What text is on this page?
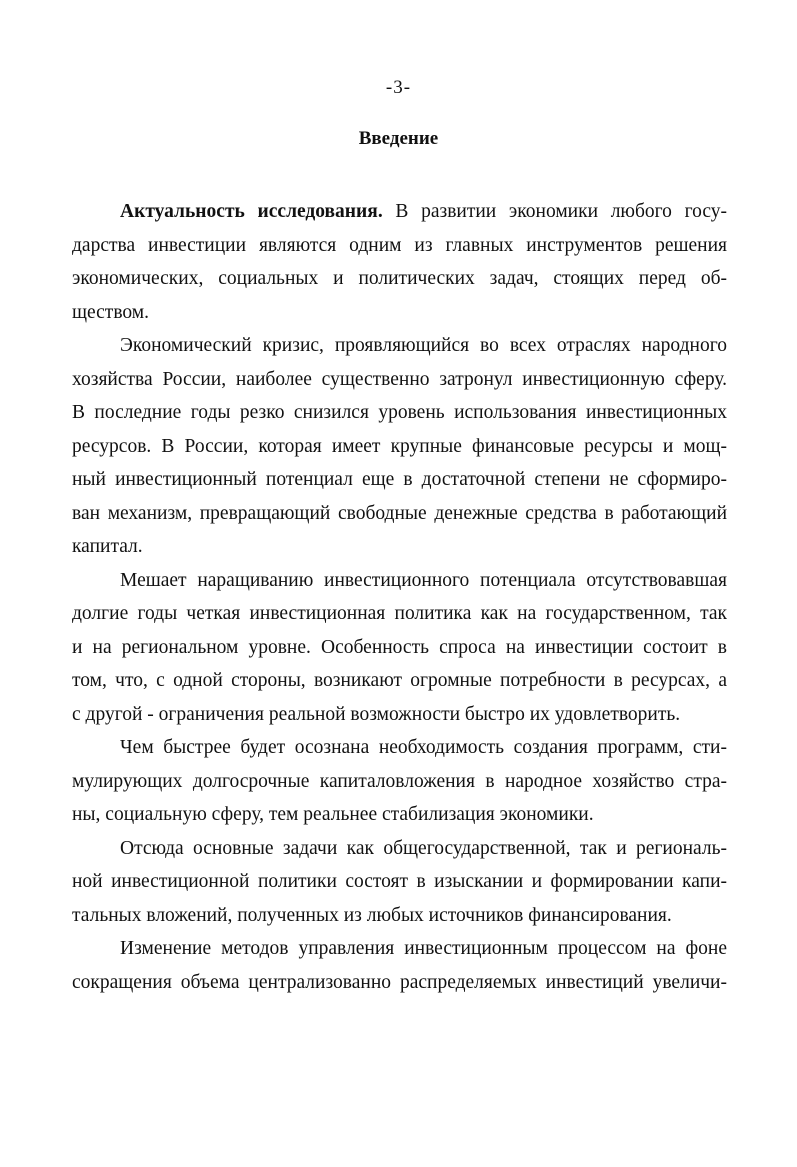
-3-
Введение
Актуальность исследования. В развитии экономики любого госу-
дарства инвестиции являются одним из главных инструментов решения
экономических, социальных и политических задач, стоящих перед об-
ществом.
Экономический кризис, проявляющийся во всех отраслях народного
хозяйства России, наиболее существенно затронул инвестиционную сферу.
В последние годы резко снизился уровень использования инвестиционных
ресурсов. В России, которая имеет крупные финансовые ресурсы и мощ-
ный инвестиционный потенциал еще в достаточной степени не сформиро-
ван механизм, превращающий свободные денежные средства в работающий
капитал.
Мешает наращиванию инвестиционного потенциала отсутствовавшая
долгие годы четкая инвестиционная политика как на государственном, так
и на региональном уровне. Особенность спроса на инвестиции состоит в
том, что, с одной стороны, возникают огромные потребности в ресурсах, а
с другой - ограничения реальной возможности быстро их удовлетворить.
Чем быстрее будет осознана необходимость создания программ, сти-
мулирующих долгосрочные капиталовложения в народное хозяйство стра-
ны, социальную сферу, тем реальнее стабилизация экономики.
Отсюда основные задачи как общегосударственной, так и региональ-
ной инвестиционной политики состоят в изыскании и формировании капи-
тальных вложений, полученных из любых источников финансирования.
Изменение методов управления инвестиционным процессом на фоне
сокращения объема централизованно распределяемых инвестиций увеличи-
